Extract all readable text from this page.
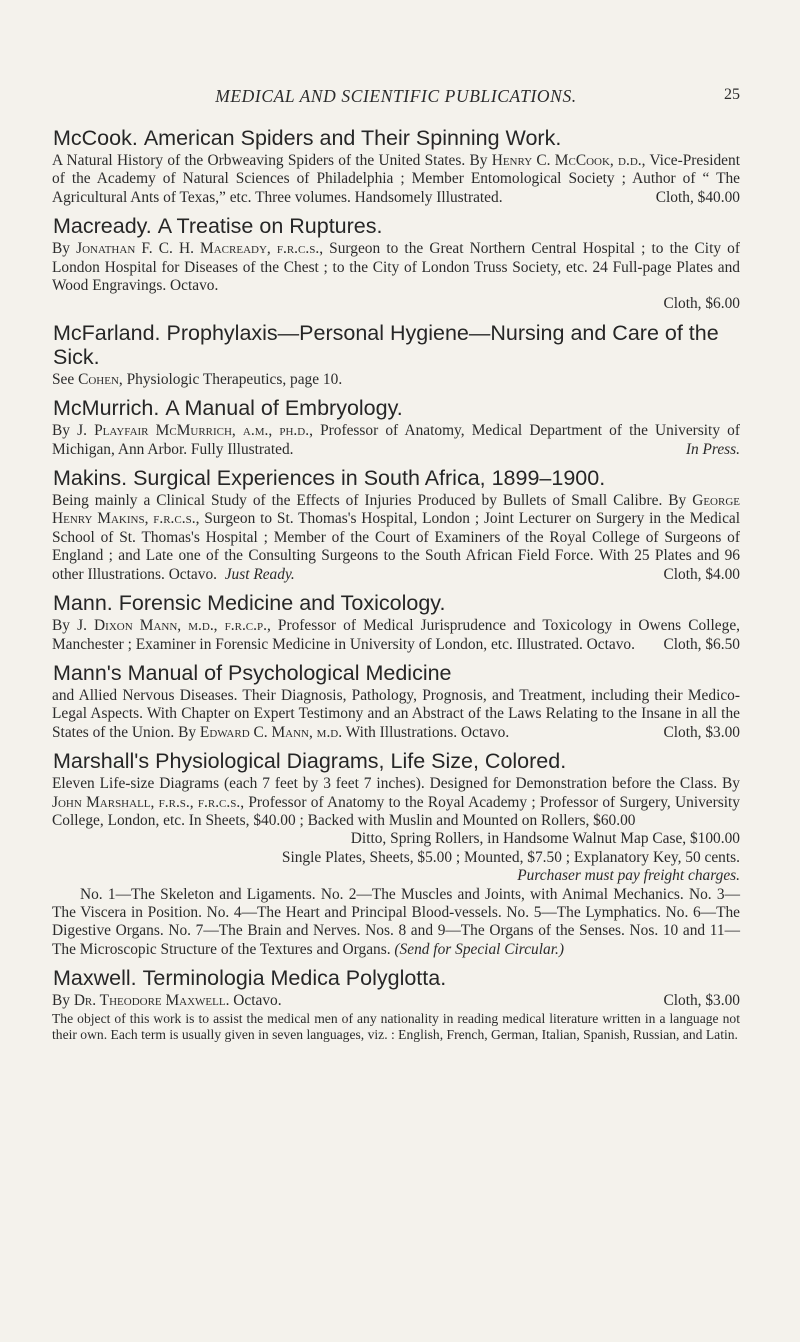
MEDICAL AND SCIENTIFIC PUBLICATIONS.	25
McCook. American Spiders and Their Spinning Work.

A Natural History of the Orbweaving Spiders of the United States. By Henry C. McCook, d.d., Vice-President of the Academy of Natural Sciences of Philadelphia ; Member Entomological Society ; Author of “ The Agricultural Ants of Texas,” etc. Three volumes. Handsomely Illustrated.	Cloth, $40.00

Macready. A Treatise on Ruptures.

By Jonathan F. C. H. Macready, f.r.c.s., Surgeon to the Great Northern Central Hospital ; to the City of London Hospital for Diseases of the Chest ; to the City of London Truss Society, etc. 24 Full-page Plates and Wood Engravings. Octavo.

Cloth, $6.00

McFarland. Prophylaxis—Personal Hygiene—Nursing and Care of the Sick.

See Cohen, Physiologic Therapeutics, page 10.

McMurrich. A Manual of Embryology.

By J. Playfair McMurrich, a.m., ph.d., Professor of Anatomy, Medical Department of the University of Michigan, Ann Arbor. Fully Illustrated.	In Press.

Makins. Surgical Experiences in South Africa, 1899–1900.

Being mainly a Clinical Study of the Effects of Injuries Produced by Bullets of Small Calibre. By George Henry Makins, f.r.c.s., Surgeon to St. Thomas's Hospital, London ; Joint Lecturer on Surgery in the Medical School of St. Thomas's Hospital ; Member of the Court of Examiners of the Royal College of Surgeons of England ; and Late one of the Consulting Surgeons to the South African Field Force. With 25 Plates and 96 other Illustrations. Octavo. Just Ready.	Cloth, $4.00

Mann. Forensic Medicine and Toxicology.

By J. Dixon Mann, m.d., f.r.c.p., Professor of Medical Jurisprudence and Toxicology in Owens College, Manchester ; Examiner in Forensic Medicine in University of London, etc. Illustrated. Octavo. Cloth, $6.50

Mann's Manual of Psychological Medicine

and Allied Nervous Diseases. Their Diagnosis, Pathology, Prognosis, and Treatment, including their Medico-Legal Aspects. With Chapter on Expert Testimony and an Abstract of the Laws Relating to the Insane in all the States of the Union. By Edward C. Mann, m.d. With Illustrations. Octavo.	Cloth, $3.00

Marshall's Physiological Diagrams, Life Size, Colored.

Eleven Life-size Diagrams (each 7 feet by 3 feet 7 inches). Designed for Demonstration before the Class. By John Marshall, f.r.s., f.r.c.s., Professor of Anatomy to the Royal Academy ; Professor of Surgery, University College, London, etc. In Sheets, $40.00 ; Backed with Muslin and Mounted on Rollers, $60.00

Ditto, Spring Rollers, in Handsome Walnut Map Case, $100.00

Single Plates, Sheets, $5.00 ; Mounted, $7.50 ; Explanatory Key, 50 cents.

Purchaser must pay freight charges.

No. 1—The Skeleton and Ligaments. No. 2—The Muscles and Joints, with Animal Mechanics. No. 3—The Viscera in Position. No. 4—The Heart and Principal Blood-vessels. No. 5—The Lymphatics. No. 6—The Digestive Organs. No. 7—The Brain and Nerves. Nos. 8 and 9—The Organs of the Senses. Nos. 10 and 11—The Microscopic Structure of the Textures and Organs. (Send for Special Circular.)

Maxwell. Terminologia Medica Polyglotta.

By Dr. Theodore Maxwell. Octavo.	Cloth, $3.00

The object of this work is to assist the medical men of any nationality in reading medical literature written in a language not their own. Each term is usually given in seven languages, viz. : English, French, German, Italian, Spanish, Russian, and Latin.
